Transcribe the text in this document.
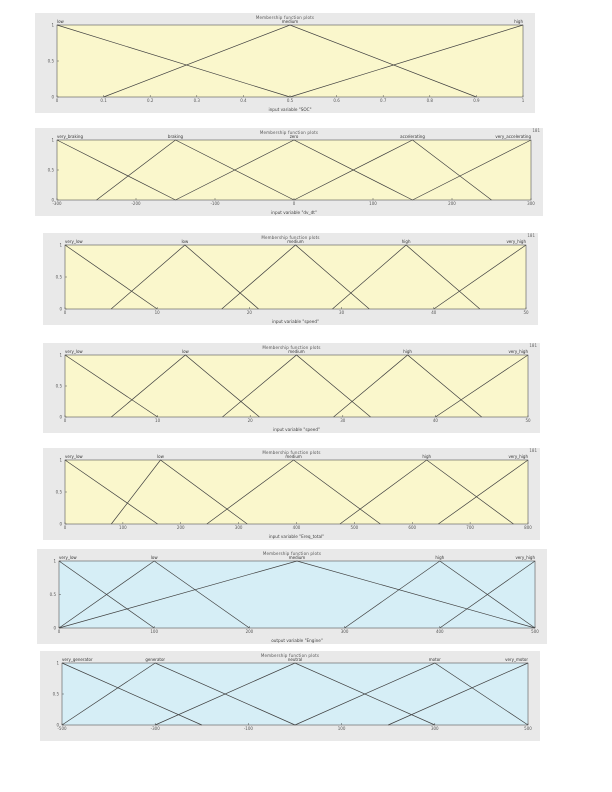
Membership function plots
0
0.5
1
0	0.1	0.2	0.3	0.4	0.5	0.6	0.7	0.8	0.9	1
input variable "SOC"
low	medium	high
Membership function plots	181
0
0.5
1
-300	-200	-100	0	100	200	300
input variable "dv_dt"
very_braking	braking	zero	accelerating	very_accelerating
Membership function plots	181
0
0.5
1
0	10	20	30	40	50
input variable "speed"
very_low	low	medium	high	very_high
Membership function plots	181
0
0.5
1
0	10	20	30	40	50
input variable "speed"
very_low	low	medium	high	very_high
Membership function plots	181
0
0.5
1
0	100	200	300	400	500	600	700	800
input variable "Ereq_total"
very_low	low	medium	high	very_high
Membership function plots
0
0.5
1
0	100	200	300	400	500
output variable "Engine"
very_low	low	medium	high	very_high
Membership function plots
0
0.5
1
-500	-300	-100	100	300	500
very_generator	generator	neutral	motor	very_motor
